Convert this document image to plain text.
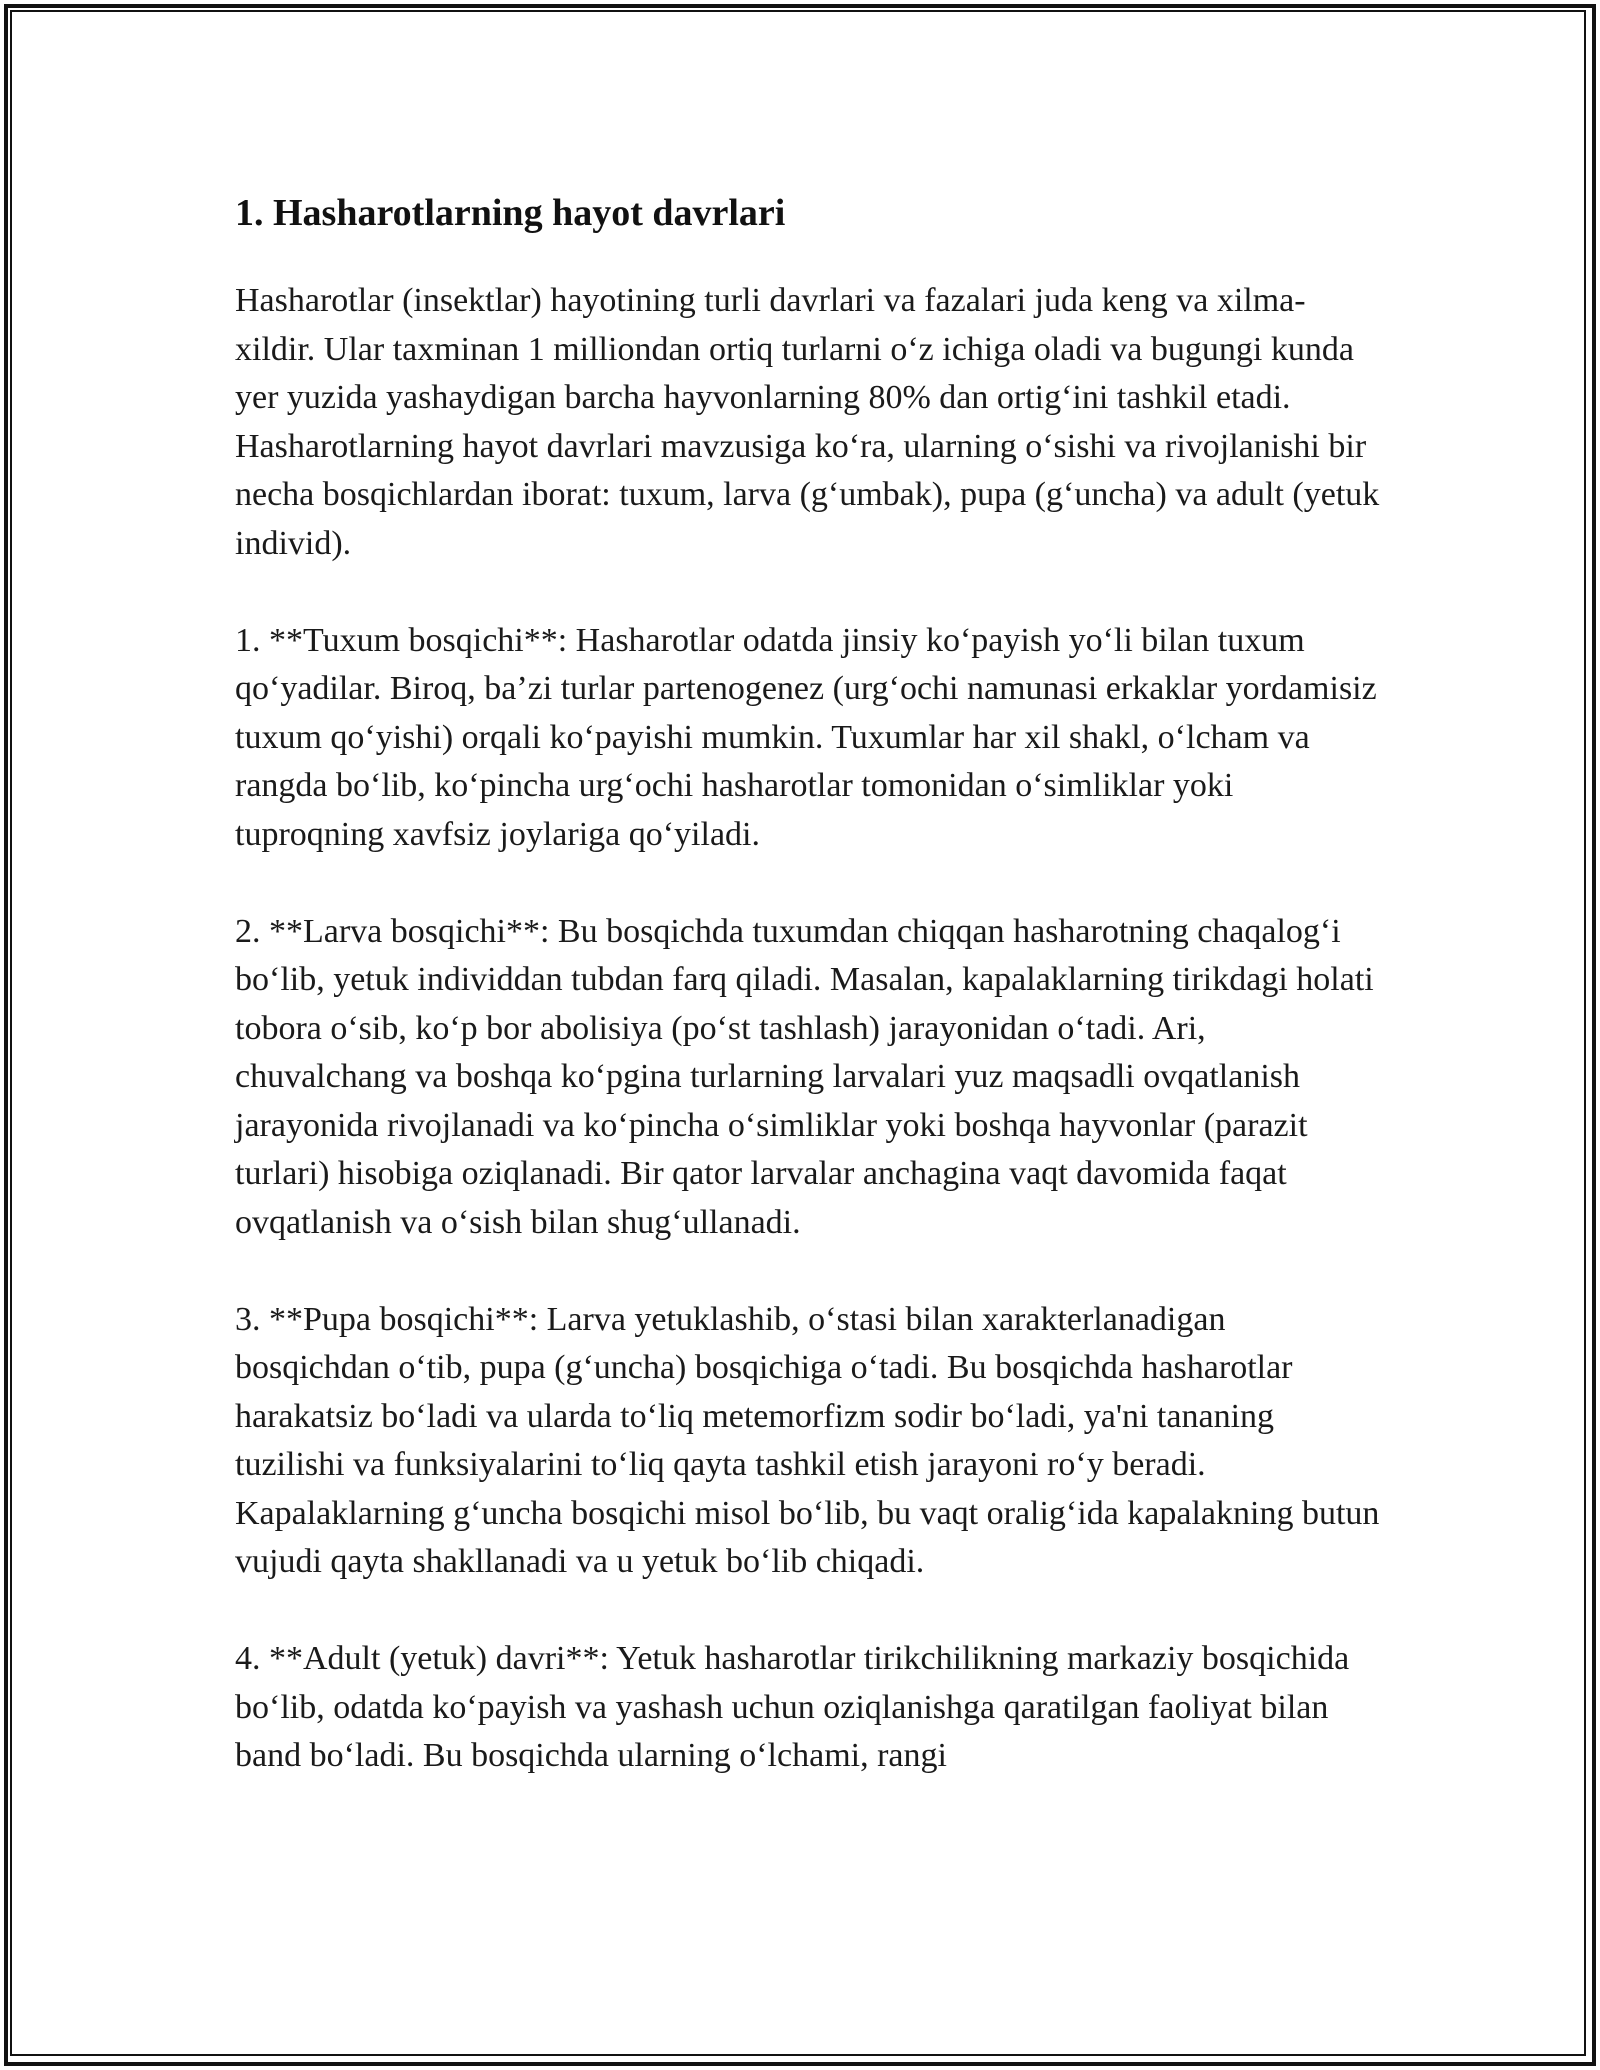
1. Hasharotlarning hayot davrlari

Hasharotlar (insektlar) hayotining turli davrlari va fazalari juda keng va xilma-xildir. Ular taxminan 1 milliondan ortiq turlarni o‘z ichiga oladi va bugungi kunda yer yuzida yashaydigan barcha hayvonlarning 80% dan ortig‘ini tashkil etadi. Hasharotlarning hayot davrlari mavzusiga ko‘ra, ularning o‘sishi va rivojlanishi bir necha bosqichlardan iborat: tuxum, larva (g‘umbak), pupa (g‘uncha) va adult (yetuk individ).

1. **Tuxum bosqichi**: Hasharotlar odatda jinsiy ko‘payish yo‘li bilan tuxum qo‘yadilar. Biroq, ba’zi turlar partenogenez (urg‘ochi namunasi erkaklar yordamisiz tuxum qo‘yishi) orqali ko‘payishi mumkin. Tuxumlar har xil shakl, o‘lcham va rangda bo‘lib, ko‘pincha urg‘ochi hasharotlar tomonidan o‘simliklar yoki tuproqning xavfsiz joylariga qo‘yiladi.

2. **Larva bosqichi**: Bu bosqichda tuxumdan chiqqan hasharotning chaqalog‘i bo‘lib, yetuk individdan tubdan farq qiladi. Masalan, kapalaklarning tirikdagi holati tobora o‘sib, ko‘p bor abolisiya (po‘st tashlash) jarayonidan o‘tadi. Ari, chuvalchang va boshqa ko‘pgina turlarning larvalari yuz maqsadli ovqatlanish jarayonida rivojlanadi va ko‘pincha o‘simliklar yoki boshqa hayvonlar (parazit turlari) hisobiga oziqlanadi. Bir qator larvalar anchagina vaqt davomida faqat ovqatlanish va o‘sish bilan shug‘ullanadi.

3. **Pupa bosqichi**: Larva yetuklashib, o‘stasi bilan xarakterlanadigan bosqichdan o‘tib, pupa (g‘uncha) bosqichiga o‘tadi. Bu bosqichda hasharotlar harakatsiz bo‘ladi va ularda to‘liq metemorfizm sodir bo‘ladi, ya'ni tananing tuzilishi va funksiyalarini to‘liq qayta tashkil etish jarayoni ro‘y beradi. Kapalaklarning g‘uncha bosqichi misol bo‘lib, bu vaqt oralig‘ida kapalakning butun vujudi qayta shakllanadi va u yetuk bo‘lib chiqadi.

4. **Adult (yetuk) davri**: Yetuk hasharotlar tirikchilikning markaziy bosqichida bo‘lib, odatda ko‘payish va yashash uchun oziqlanishga qaratilgan faoliyat bilan band bo‘ladi. Bu bosqichda ularning o‘lchami, rangi
